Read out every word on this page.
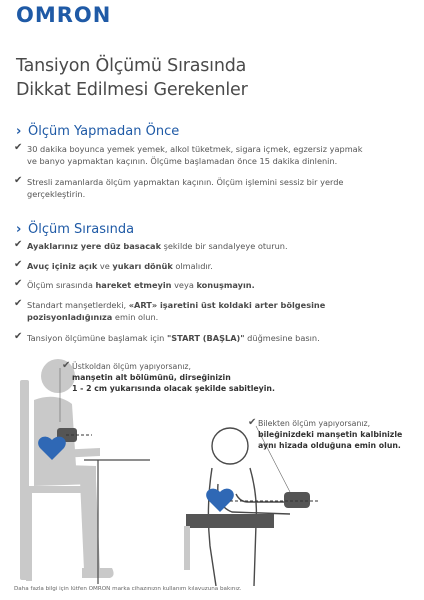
OMRON
Tansiyon Ölçümü Sırasında
Dikkat Edilmesi Gerekenler
› Ölçüm Yapmadan Önce
✔ 30 dakika boyunca yemek yemek, alkol tüketmek, sigara içmek, egzersiz yapmak
ve banyo yapmaktan kaçının. Ölçüme başlamadan önce 15 dakika dinlenin.
✔ Stresli zamanlarda ölçüm yapmaktan kaçının. Ölçüm işlemini sessiz bir yerde
gerçekleştirin.
› Ölçüm Sırasında
✔ Ayaklarınız yere düz basacak şekilde bir sandalyeye oturun.
✔ Avuç içiniz açık ve yukarı dönük olmalıdır.
✔ Ölçüm sırasında hareket etmeyin veya konuşmayın.
✔ Standart manşetlerdeki, «ART» işaretini üst koldaki arter bölgesine
pozisyonladığınıza emin olun.
✔ Tansiyon ölçümüne başlamak için "START (BAŞLA)" düğmesine basın.
✔ Üstkoldan ölçüm yapıyorsanız,
manşetin alt bölümünü, dirseğinizin
1 - 2 cm yukarısında olacak şekilde sabitleyin.
✔ Bilekten ölçüm yapıyorsanız,
bileğinizdeki manşetin kalbinizle
aynı hizada olduğuna emin olun.
Daha fazla bilgi için lütfen OMRON marka cihazınızın kullanım kılavuzuna bakınız.
